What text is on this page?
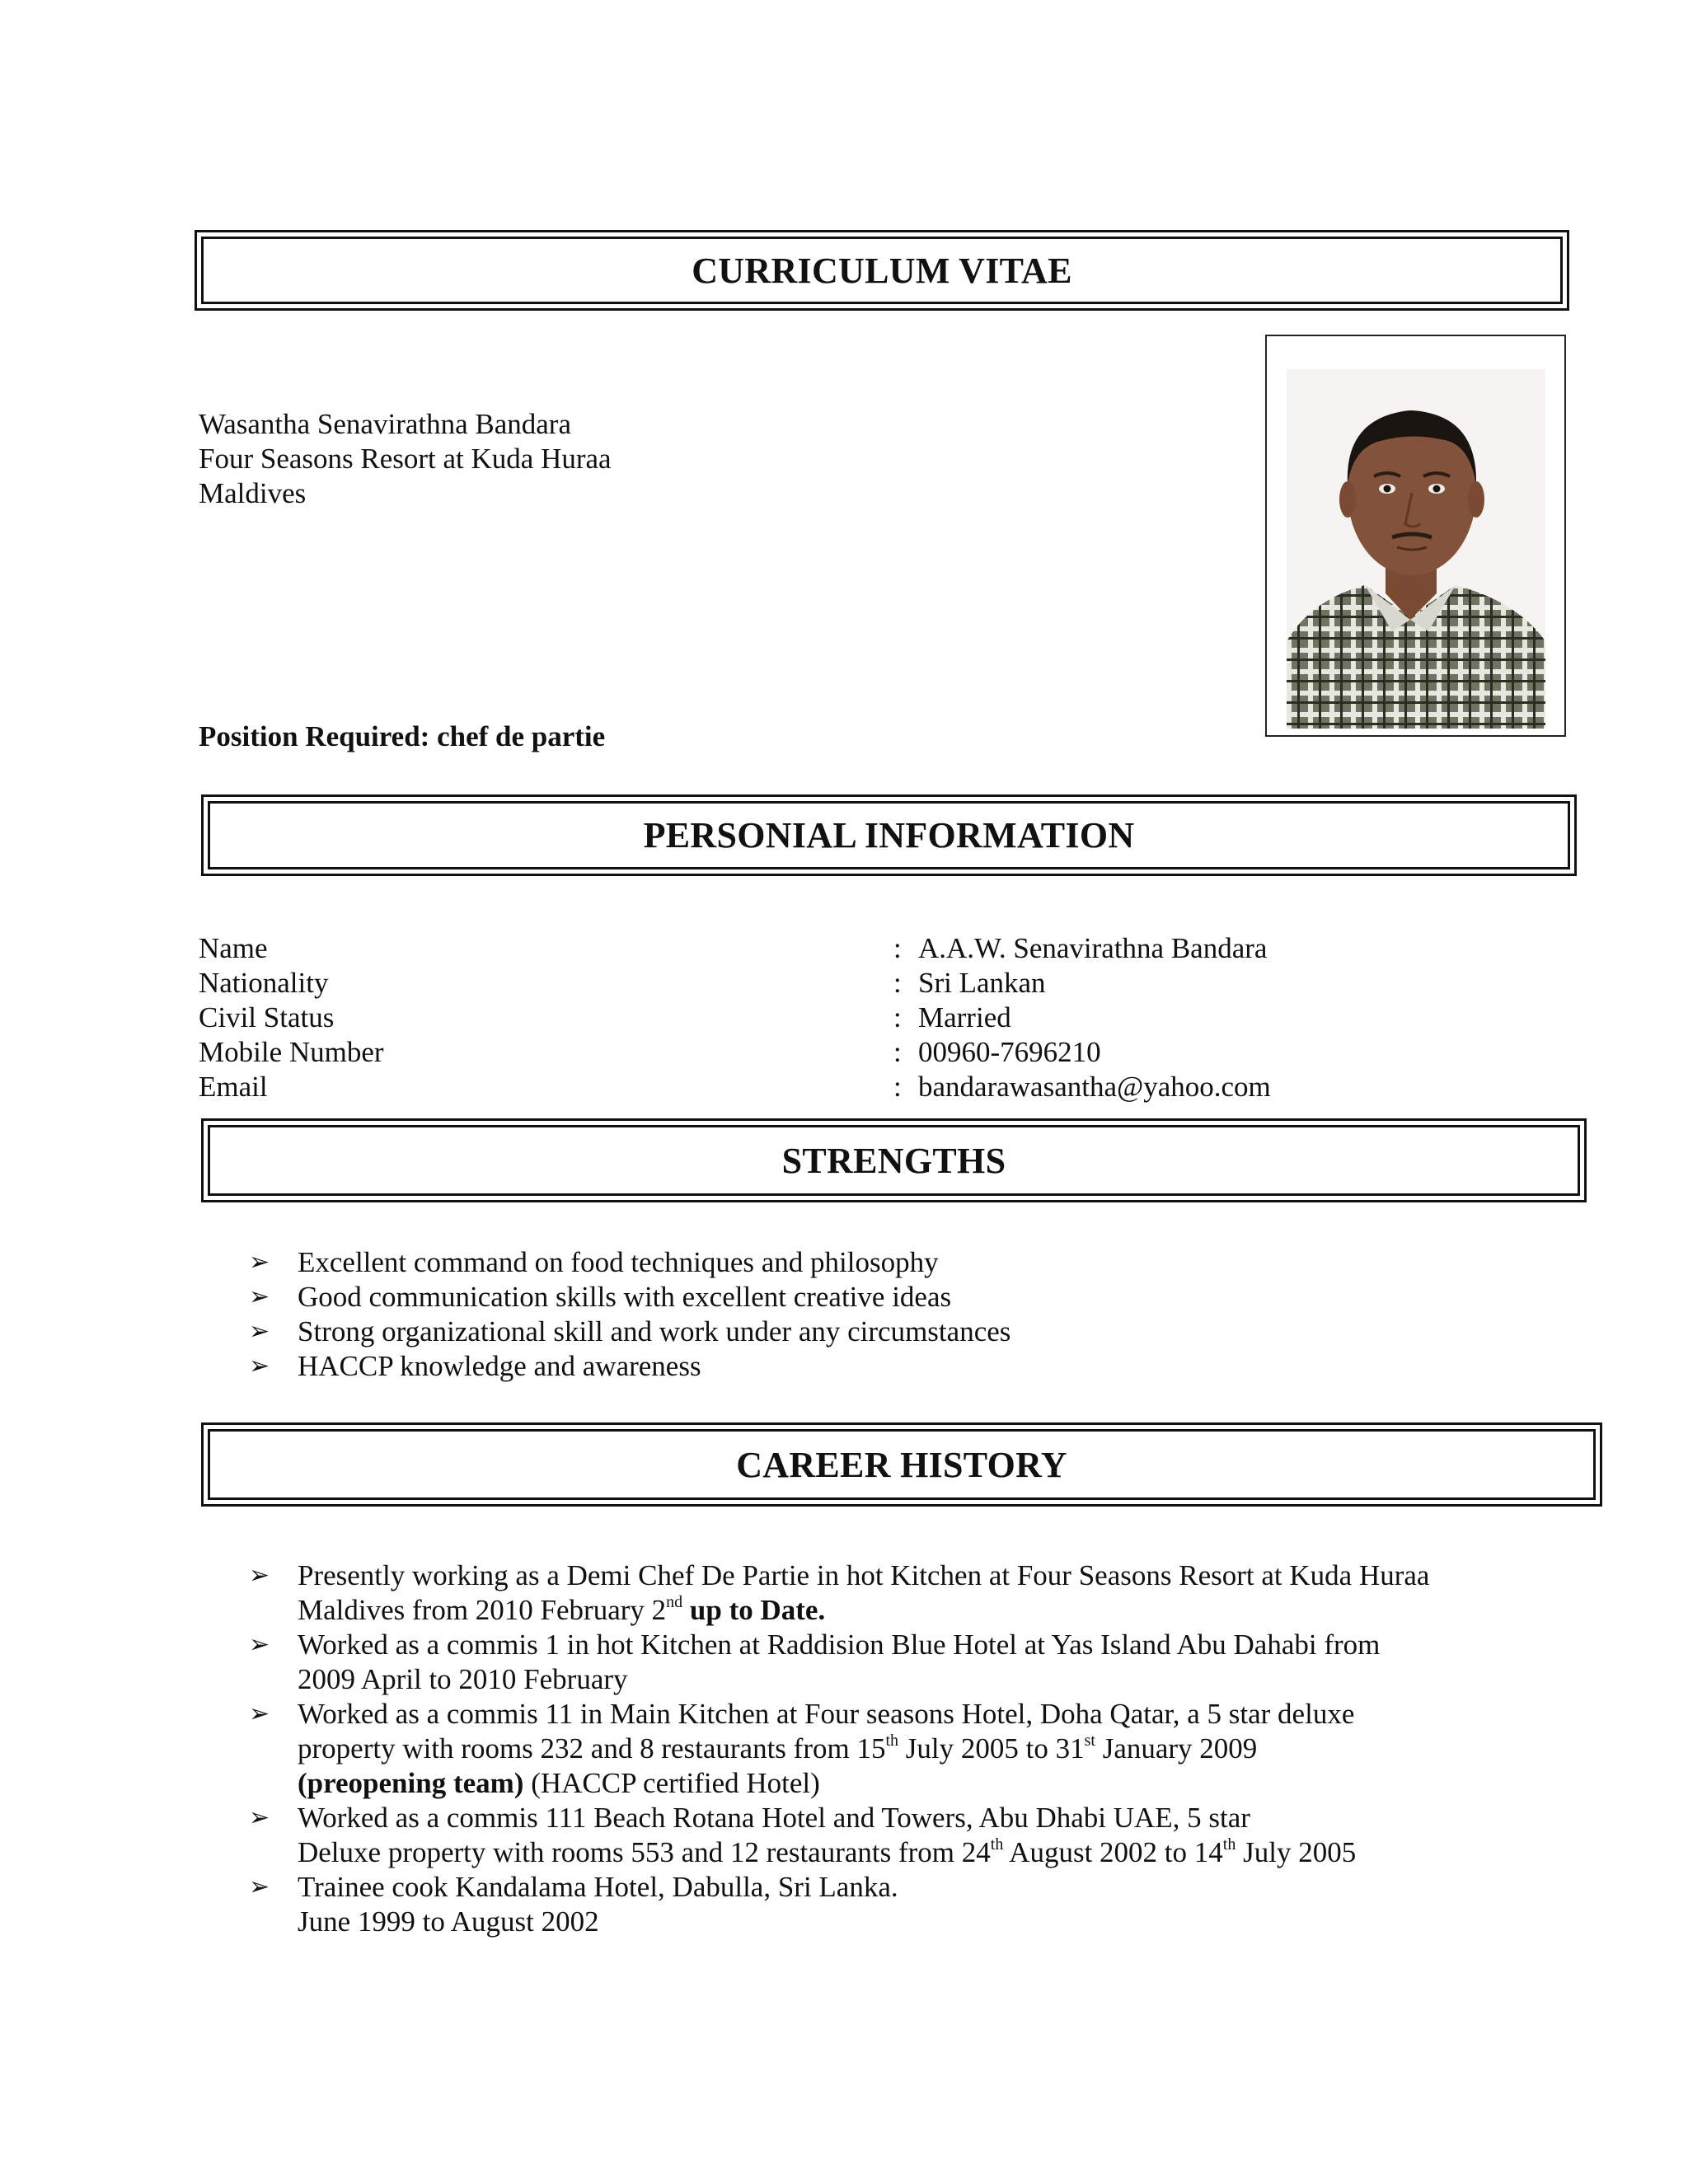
CURRICULUM VITAE
Wasantha Senavirathna Bandara
Four Seasons Resort at Kuda Huraa
Maldives
Position Required: chef de partie
PERSONIAL INFORMATION
Name	: A.A.W. Senavirathna Bandara
Nationality	: Sri Lankan
Civil Status	: Married
Mobile Number	: 00960-7696210
Email	: bandarawasantha@yahoo.com
STRENGTHS
➢ Excellent command on food techniques and philosophy
➢ Good communication skills with excellent creative ideas
➢ Strong organizational skill and work under any circumstances
➢ HACCP knowledge and awareness
CAREER HISTORY
➢ Presently working as a Demi Chef De Partie in hot Kitchen at Four Seasons Resort at Kuda Huraa
Maldives from 2010 February 2nd up to Date.
➢ Worked as a commis 1 in hot Kitchen at Raddision Blue Hotel at Yas Island Abu Dahabi from
2009 April to 2010 February
➢ Worked as a commis 11 in Main Kitchen at Four seasons Hotel, Doha Qatar, a 5 star deluxe
property with rooms 232 and 8 restaurants from 15th July 2005 to 31st January 2009
(preopening team) (HACCP certified Hotel)
➢ Worked as a commis 111 Beach Rotana Hotel and Towers, Abu Dhabi UAE, 5 star
Deluxe property with rooms 553 and 12 restaurants from 24th August 2002 to 14th July 2005
➢ Trainee cook Kandalama Hotel, Dabulla, Sri Lanka.
June 1999 to August 2002
